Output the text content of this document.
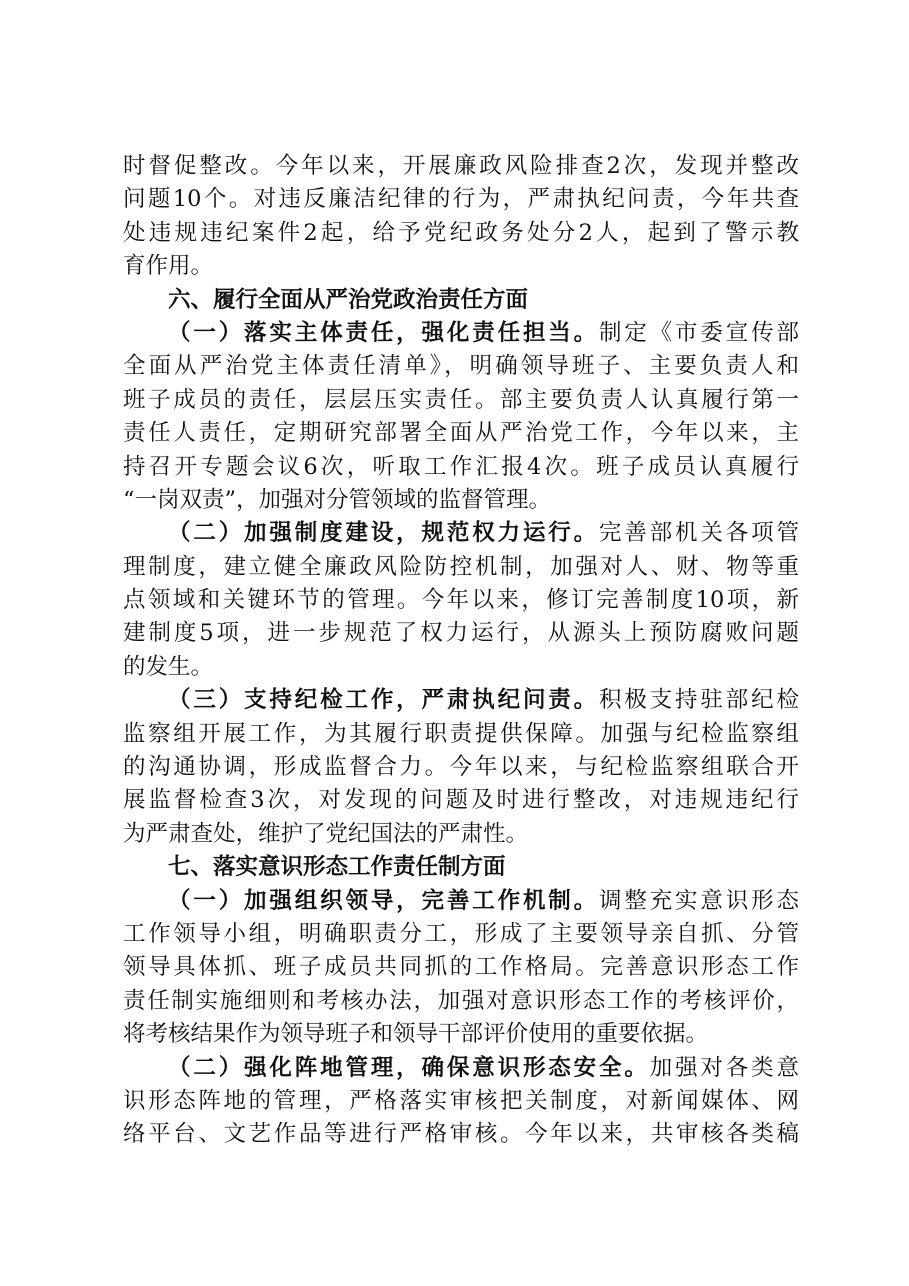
时督促整改。今年以来，开展廉政风险排查2次，发现并整改
问题10个。对违反廉洁纪律的行为，严肃执纪问责，今年共查
处违规违纪案件2起，给予党纪政务处分2人，起到了警示教
育作用。
六、履行全面从严治党政治责任方面
（一）落实主体责任，强化责任担当。制定《市委宣传部
全面从严治党主体责任清单》，明确领导班子、主要负责人和
班子成员的责任，层层压实责任。部主要负责人认真履行第一
责任人责任，定期研究部署全面从严治党工作，今年以来，主
持召开专题会议6次，听取工作汇报4次。班子成员认真履行
“一岗双责”，加强对分管领域的监督管理。
（二）加强制度建设，规范权力运行。完善部机关各项管
理制度，建立健全廉政风险防控机制，加强对人、财、物等重
点领域和关键环节的管理。今年以来，修订完善制度10项，新
建制度5项，进一步规范了权力运行，从源头上预防腐败问题
的发生。
（三）支持纪检工作，严肃执纪问责。积极支持驻部纪检
监察组开展工作，为其履行职责提供保障。加强与纪检监察组
的沟通协调，形成监督合力。今年以来，与纪检监察组联合开
展监督检查3次，对发现的问题及时进行整改，对违规违纪行
为严肃查处，维护了党纪国法的严肃性。
七、落实意识形态工作责任制方面
（一）加强组织领导，完善工作机制。调整充实意识形态
工作领导小组，明确职责分工，形成了主要领导亲自抓、分管
领导具体抓、班子成员共同抓的工作格局。完善意识形态工作
责任制实施细则和考核办法，加强对意识形态工作的考核评价，
将考核结果作为领导班子和领导干部评价使用的重要依据。
（二）强化阵地管理，确保意识形态安全。加强对各类意
识形态阵地的管理，严格落实审核把关制度，对新闻媒体、网
络平台、文艺作品等进行严格审核。今年以来，共审核各类稿
